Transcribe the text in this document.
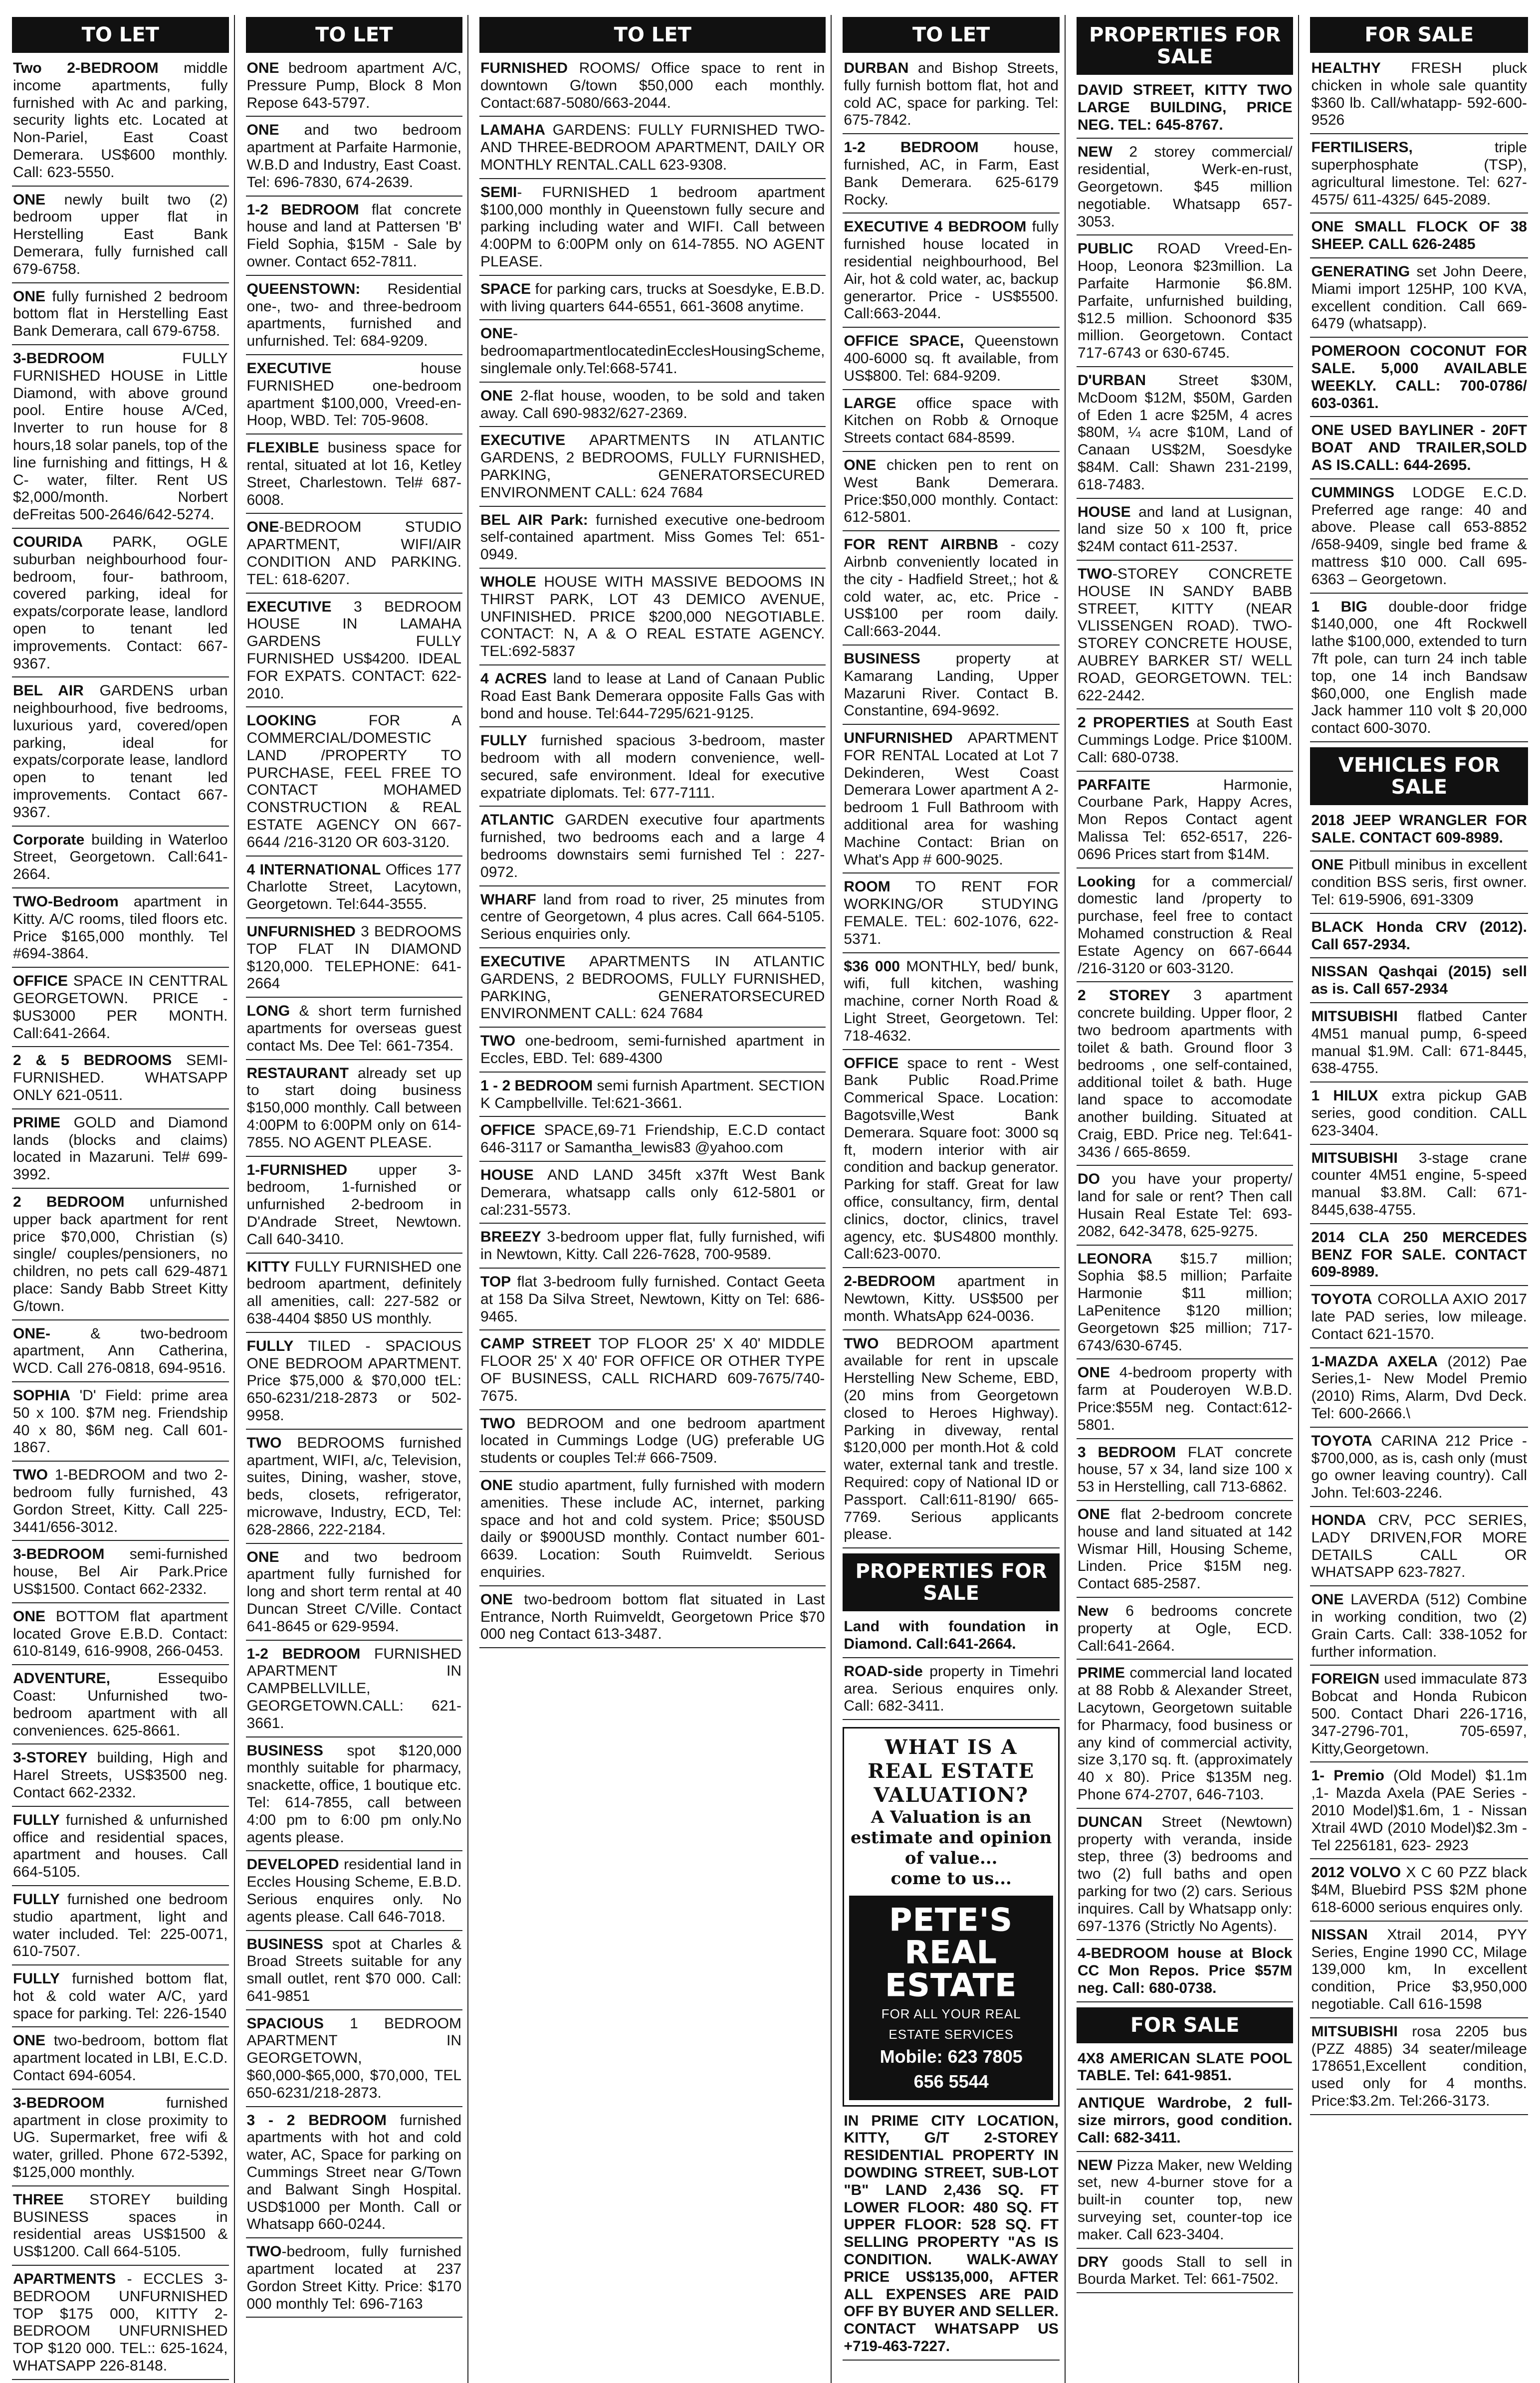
TO LET
Two 2-BEDROOM middle income apartments, fully furnished with Ac and parking, security lights etc. Located at Non-Pariel, East Coast Demerara. US$600 monthly. Call: 623-5550.
ONE newly built two (2) bedroom upper flat in Herstelling East Bank Demerara, fully furnished call 679-6758.
ONE fully furnished 2 bedroom bottom flat in Herstelling East Bank Demerara, call 679-6758.
3-BEDROOM FULLY FURNISHED HOUSE in Little Diamond, with above ground pool. Entire house A/Ced, Inverter to run house for 8 hours,18 solar panels, top of the line furnishing and fittings, H & C- water, filter. Rent US $2,000/month. Norbert deFreitas 500-2646/642-5274.
COURIDA PARK, OGLE suburban neighbourhood four-bedroom, four- bathroom, covered parking, ideal for expats/corporate lease, landlord open to tenant led improvements. Contact: 667-9367.
BEL AIR GARDENS urban neighbourhood, five bedrooms, luxurious yard, covered/open parking, ideal for expats/corporate lease, landlord open to tenant led improvements. Contact 667-9367.
Corporate building in Waterloo Street, Georgetown. Call:641-2664.
TWO-Bedroom apartment in Kitty. A/C rooms, tiled floors etc. Price $165,000 monthly. Tel #694-3864.
OFFICE SPACE IN CENTTRAL GEORGETOWN. PRICE - $US3000 PER MONTH. Call:641-2664.
2 & 5 BEDROOMS SEMI-FURNISHED. WHATSAPP ONLY 621-0511.
PRIME GOLD and Diamond lands (blocks and claims) located in Mazaruni. Tel# 699-3992.
2 BEDROOM unfurnished upper back apartment for rent price $70,000, Christian (s) single/ couples/pensioners, no children, no pets call 629-4871 place: Sandy Babb Street Kitty G/town.
ONE- & two-bedroom apartment, Ann Catherina, WCD. Call 276-0818, 694-9516.
SOPHIA 'D' Field: prime area 50 x 100. $7M neg. Friendship 40 x 80, $6M neg. Call 601-1867.
TWO 1-BEDROOM and two 2-bedroom fully furnished, 43 Gordon Street, Kitty. Call 225- 3441/656-3012.
3-BEDROOM semi-furnished house, Bel Air Park.Price US$1500. Contact 662-2332.
ONE BOTTOM flat apartment located Grove E.B.D. Contact: 610-8149, 616-9908, 266-0453.
ADVENTURE, Essequibo Coast: Unfurnished two-bedroom apartment with all conveniences. 625-8661.
3-STOREY building, High and Harel Streets, US$3500 neg. Contact 662-2332.
FULLY furnished & unfurnished office and residential spaces, apartment and houses. Call 664-5105.
FULLY furnished one bedroom studio apartment, light and water included. Tel: 225-0071, 610-7507.
FULLY furnished bottom flat, hot & cold water A/C, yard space for parking. Tel: 226-1540
ONE two-bedroom, bottom flat apartment located in LBI, E.C.D. Contact 694-6054.
3-BEDROOM furnished apartment in close proximity to UG. Supermarket, free wifi & water, grilled. Phone 672-5392, $125,000 monthly.
THREE STOREY building BUSINESS spaces in residential areas US$1500 & US$1200. Call 664-5105.
APARTMENTS - ECCLES 3-BEDROOM UNFURNISHED TOP $175 000, KITTY 2-BEDROOM UNFURNISHED TOP $120 000. TEL:: 625-1624, WHATSAPP 226-8148.
TO LET
ONE bedroom apartment A/C, Pressure Pump, Block 8 Mon Repose 643-5797.
ONE and two bedroom apartment at Parfaite Harmonie, W.B.D and Industry, East Coast. Tel: 696-7830, 674-2639.
1-2 BEDROOM flat concrete house and land at Pattersen 'B' Field Sophia, $15M - Sale by owner. Contact 652-7811.
QUEENSTOWN: Residential one-, two- and three-bedroom apartments, furnished and unfurnished. Tel: 684-9209.
EXECUTIVE house FURNISHED one-bedroom apartment $100,000, Vreed-en-Hoop, WBD. Tel: 705-9608.
FLEXIBLE business space for rental, situated at lot 16, Ketley Street, Charlestown. Tel# 687-6008.
ONE-BEDROOM STUDIO APARTMENT, WIFI/AIR CONDITION AND PARKING. TEL: 618-6207.
EXECUTIVE 3 BEDROOM HOUSE IN LAMAHA GARDENS FULLY FURNISHED US$4200. IDEAL FOR EXPATS. CONTACT: 622-2010.
LOOKING FOR A COMMERCIAL/DOMESTIC LAND /PROPERTY TO PURCHASE, FEEL FREE TO CONTACT MOHAMED CONSTRUCTION & REAL ESTATE AGENCY ON 667-6644 /216-3120 OR 603-3120.
4 INTERNATIONAL Offices 177 Charlotte Street, Lacytown, Georgetown. Tel:644-3555.
UNFURNISHED 3 BEDROOMS TOP FLAT IN DIAMOND $120,000. TELEPHONE: 641-2664
LONG & short term furnished apartments for overseas guest contact Ms. Dee Tel: 661-7354.
RESTAURANT already set up to start doing business $150,000 monthly. Call between 4:00PM to 6:00PM only on 614-7855. NO AGENT PLEASE.
1-FURNISHED upper 3-bedroom, 1-furnished or unfurnished 2-bedroom in D'Andrade Street, Newtown. Call 640-3410.
KITTY FULLY FURNISHED one bedroom apartment, definitely all amenities, call: 227-582 or 638-4404 $850 US monthly.
FULLY TILED - SPACIOUS ONE BEDROOM APARTMENT. Price $75,000 & $70,000 tEL: 650-6231/218-2873 or 502-9958.
TWO BEDROOMS furnished apartment, WIFI, a/c, Television, suites, Dining, washer, stove, beds, closets, refrigerator, microwave, Industry, ECD, Tel: 628-2866, 222-2184.
ONE and two bedroom apartment fully furnished for long and short term rental at 40 Duncan Street C/Ville. Contact 641-8645 or 629-9594.
1-2 BEDROOM FURNISHED APARTMENT IN CAMPBELLVILLE, GEORGETOWN.CALL: 621-3661.
BUSINESS spot $120,000 monthly suitable for pharmacy, snackette, office, 1 boutique etc. Tel: 614-7855, call between 4:00 pm to 6:00 pm only.No agents please.
DEVELOPED residential land in Eccles Housing Scheme, E.B.D. Serious enquires only. No agents please. Call 646-7018.
BUSINESS spot at Charles & Broad Streets suitable for any small outlet, rent $70 000. Call: 641-9851
SPACIOUS 1 BEDROOM APARTMENT IN GEORGETOWN, $60,000-$65,000, $70,000, TEL 650-6231/218-2873.
3 - 2 BEDROOM furnished apartments with hot and cold water, AC, Space for parking on Cummings Street near G/Town and Balwant Singh Hospital. USD$1000 per Month. Call or Whatsapp 660-0244.
TWO-bedroom, fully furnished apartment located at 237 Gordon Street Kitty. Price: $170 000 monthly Tel: 696-7163
TO LET
FURNISHED ROOMS/ Office space to rent in downtown G/town $50,000 each monthly. Contact:687-5080/663-2044.
LAMAHA GARDENS: FULLY FURNISHED TWO- AND THREE-BEDROOM APARTMENT, DAILY OR MONTHLY RENTAL.CALL 623-9308.
SEMI- FURNISHED 1 bedroom apartment $100,000 monthly in Queenstown fully secure and parking including water and WIFI. Call between 4:00PM to 6:00PM only on 614-7855. NO AGENT PLEASE.
SPACE for parking cars, trucks at Soesdyke, E.B.D. with living quarters 644-6551, 661-3608 anytime.
ONE-bedroomapartmentlocatedinEcclesHousingScheme, singlemale only.Tel:668-5741.
ONE 2-flat house, wooden, to be sold and taken away. Call 690-9832/627-2369.
EXECUTIVE APARTMENTS IN ATLANTIC GARDENS, 2 BEDROOMS, FULLY FURNISHED, PARKING, GENERATORSECURED ENVIRONMENT CALL: 624 7684
BEL AIR Park: furnished executive one-bedroom self-contained apartment. Miss Gomes Tel: 651-0949.
WHOLE HOUSE WITH MASSIVE BEDOOMS IN THIRST PARK, LOT 43 DEMICO AVENUE, UNFINISHED. PRICE $200,000 NEGOTIABLE. CONTACT: N, A & O REAL ESTATE AGENCY. TEL:692-5837
4 ACRES land to lease at Land of Canaan Public Road East Bank Demerara opposite Falls Gas with bond and house. Tel:644-7295/621-9125.
FULLY furnished spacious 3-bedroom, master bedroom with all modern convenience, well-secured, safe environment. Ideal for executive expatriate diplomats. Tel: 677-7111.
ATLANTIC GARDEN executive four apartments furnished, two bedrooms each and a large 4 bedrooms downstairs semi furnished Tel : 227-0972.
WHARF land from road to river, 25 minutes from centre of Georgetown, 4 plus acres. Call 664-5105. Serious enquiries only.
EXECUTIVE APARTMENTS IN ATLANTIC GARDENS, 2 BEDROOMS, FULLY FURNISHED, PARKING, GENERATORSECURED ENVIRONMENT CALL: 624 7684
TWO one-bedroom, semi-furnished apartment in Eccles, EBD. Tel: 689-4300
1 - 2 BEDROOM semi furnish Apartment. SECTION K Campbellville. Tel:621-3661.
OFFICE SPACE,69-71 Friendship, E.C.D contact 646-3117 or Samantha_lewis83 @yahoo.com
HOUSE AND LAND 345ft x37ft West Bank Demerara, whatsapp calls only 612-5801 or cal:231-5573.
BREEZY 3-bedroom upper flat, fully furnished, wifi in Newtown, Kitty. Call 226-7628, 700-9589.
TOP flat 3-bedroom fully furnished. Contact Geeta at 158 Da Silva Street, Newtown, Kitty on Tel: 686-9465.
CAMP STREET TOP FLOOR 25' X 40' MIDDLE FLOOR 25' X 40' FOR OFFICE OR OTHER TYPE OF BUSINESS, CALL RICHARD 609-7675/740-7675.
TWO BEDROOM and one bedroom apartment located in Cummings Lodge (UG) preferable UG students or couples Tel:# 666-7509.
ONE studio apartment, fully furnished with modern amenities. These include AC, internet, parking space and hot and cold system. Price; $50USD daily or $900USD monthly. Contact number 601-6639. Location: South Ruimveldt. Serious enquiries.
ONE two-bedroom bottom flat situated in Last Entrance, North Ruimveldt, Georgetown Price $70 000 neg Contact 613-3487.
TO LET
DURBAN and Bishop Streets, fully furnish bottom flat, hot and cold AC, space for parking. Tel: 675-7842.
1-2 BEDROOM house, furnished, AC, in Farm, East Bank Demerara. 625-6179 Rocky.
EXECUTIVE 4 BEDROOM fully furnished house located in residential neighbourhood, Bel Air, hot & cold water, ac, backup generartor. Price - US$5500. Call:663-2044.
OFFICE SPACE, Queenstown 400-6000 sq. ft available, from US$800. Tel: 684-9209.
LARGE office space with Kitchen on Robb & Ornoque Streets contact 684-8599.
ONE chicken pen to rent on West Bank Demerara. Price:$50,000 monthly. Contact: 612-5801.
FOR RENT AIRBNB - cozy Airbnb conveniently located in the city - Hadfield Street,; hot & cold water, ac, etc. Price - US$100 per room daily. Call:663-2044.
BUSINESS property at Kamarang Landing, Upper Mazaruni River. Contact B. Constantine, 694-9692.
UNFURNISHED APARTMENT FOR RENTAL Located at Lot 7 Dekinderen, West Coast Demerara Lower apartment A 2-bedroom 1 Full Bathroom with additional area for washing Machine Contact: Brian on What's App # 600-9025.
ROOM TO RENT FOR WORKING/OR STUDYING FEMALE. TEL: 602-1076, 622-5371.
$36 000 MONTHLY, bed/ bunk, wifi, full kitchen, washing machine, corner North Road & Light Street, Georgetown. Tel: 718-4632.
OFFICE space to rent - West Bank Public Road.Prime Commerical Space. Location: Bagotsville,West Bank Demerara. Square foot: 3000 sq ft, modern interior with air condition and backup generator. Parking for staff. Great for law office, consultancy, firm, dental clinics, doctor, clinics, travel agency, etc. $US4800 monthly. Call:623-0070.
2-BEDROOM apartment in Newtown, Kitty. US$500 per month. WhatsApp 624-0036.
TWO BEDROOM apartment available for rent in upscale Herstelling New Scheme, EBD, (20 mins from Georgetown closed to Heroes Highway). Parking in diveway, rental $120,000 per month.Hot & cold water, external tank and trestle. Required: copy of National ID or Passport. Call:611-8190/ 665-7769. Serious applicants please.
PROPERTIES FOR SALE
Land with foundation in Diamond. Call:641-2664.
ROAD-side property in Timehri area. Serious enquires only. Call: 682-3411.
WHAT IS A
REAL ESTATE
VALUATION?
A Valuation is an
estimate and opinion
of value...
come to us...
PETE'S
REAL ESTATE
FOR ALL YOUR REAL
ESTATE SERVICES
Mobile: 623 7805
656 5544
IN PRIME CITY LOCATION, KITTY, G/T 2-STOREY RESIDENTIAL PROPERTY IN DOWDING STREET, SUB-LOT "B" LAND 2,436 SQ. FT LOWER FLOOR: 480 SQ. FT UPPER FLOOR: 528 SQ. FT SELLING PROPERTY "AS IS CONDITION. WALK-AWAY PRICE US$135,000, AFTER ALL EXPENSES ARE PAID OFF BY BUYER AND SELLER. CONTACT WHATSAPP US +719-463-7227.
PROPERTIES FOR SALE
DAVID STREET, KITTY TWO LARGE BUILDING, PRICE NEG. TEL: 645-8767.
NEW 2 storey commercial/ residential, Werk-en-rust, Georgetown. $45 million negotiable. Whatsapp 657-3053.
PUBLIC ROAD Vreed-En-Hoop, Leonora $23million. La Parfaite Harmonie $6.8M. Parfaite, unfurnished building, $12.5 million. Schoonord $35 million. Georgetown. Contact 717-6743 or 630-6745.
D'URBAN Street $30M, McDoom $12M, $50M, Garden of Eden 1 acre $25M, 4 acres $80M, ¼ acre $10M, Land of Canaan US$2M, Soesdyke $84M. Call: Shawn 231-2199, 618-7483.
HOUSE and land at Lusignan, land size 50 x 100 ft, price $24M contact 611-2537.
TWO-STOREY CONCRETE HOUSE IN SANDY BABB STREET, KITTY (NEAR VLISSENGEN ROAD). TWO-STOREY CONCRETE HOUSE, AUBREY BARKER ST/ WELL ROAD, GEORGETOWN. TEL: 622-2442.
2 PROPERTIES at South East Cummings Lodge. Price $100M. Call: 680-0738.
PARFAITE Harmonie, Courbane Park, Happy Acres, Mon Repos Contact agent Malissa Tel: 652-6517, 226-0696 Prices start from $14M.
Looking for a commercial/ domestic land /property to purchase, feel free to contact Mohamed construction & Real Estate Agency on 667-6644 /216-3120 or 603-3120.
2 STOREY 3 apartment concrete building. Upper floor, 2 two bedroom apartments with toilet & bath. Ground floor 3 bedrooms , one self-contained, additional toilet & bath. Huge land space to accomodate another building. Situated at Craig, EBD. Price neg. Tel:641-3436 / 665-8659.
DO you have your property/ land for sale or rent? Then call Husain Real Estate Tel: 693-2082, 642-3478, 625-9275.
LEONORA $15.7 million; Sophia $8.5 million; Parfaite Harmonie $11 million; LaPenitence $120 million; Georgetown $25 million; 717-6743/630-6745.
ONE 4-bedroom property with farm at Pouderoyen W.B.D. Price:$55M neg. Contact:612-5801.
3 BEDROOM FLAT concrete house, 57 x 34, land size 100 x 53 in Herstelling, call 713-6862.
ONE flat 2-bedroom concrete house and land situated at 142 Wismar Hill, Housing Scheme, Linden. Price $15M neg. Contact 685-2587.
New 6 bedrooms concrete property at Ogle, ECD. Call:641-2664.
PRIME commercial land located at 88 Robb & Alexander Street, Lacytown, Georgetown suitable for Pharmacy, food business or any kind of commercial activity, size 3,170 sq. ft. (approximately 40 x 80). Price $135M neg. Phone 674-2707, 646-7103.
DUNCAN Street (Newtown) property with veranda, inside step, three (3) bedrooms and two (2) full baths and open parking for two (2) cars. Serious inquires. Call by Whatsapp only: 697-1376 (Strictly No Agents).
4-BEDROOM house at Block CC Mon Repos. Price $57M neg. Call: 680-0738.
FOR SALE
4X8 AMERICAN SLATE POOL TABLE. Tel: 641-9851.
ANTIQUE Wardrobe, 2 full-size mirrors, good condition. Call: 682-3411.
NEW Pizza Maker, new Welding set, new 4-burner stove for a built-in counter top, new surveying set, counter-top ice maker. Call 623-3404.
DRY goods Stall to sell in Bourda Market. Tel: 661-7502.
FOR SALE
HEALTHY FRESH pluck chicken in whole sale quantity $360 lb. Call/whatapp- 592-600-9526
FERTILISERS, triple superphosphate (TSP), agricultural limestone. Tel: 627-4575/ 611-4325/ 645-2089.
ONE SMALL FLOCK OF 38 SHEEP. CALL 626-2485
GENERATING set John Deere, Miami import 125HP, 100 KVA, excellent condition. Call 669-6479 (whatsapp).
POMEROON COCONUT FOR SALE. 5,000 AVAILABLE WEEKLY. CALL: 700-0786/ 603-0361.
ONE USED BAYLINER - 20FT BOAT AND TRAILER,SOLD AS IS.CALL: 644-2695.
CUMMINGS LODGE E.C.D. Preferred age range: 40 and above. Please call 653-8852 /658-9409, single bed frame & mattress $10 000. Call 695-6363 – Georgetown.
1 BIG double-door fridge $140,000, one 4ft Rockwell lathe $100,000, extended to turn 7ft pole, can turn 24 inch table top, one 14 inch Bandsaw $60,000, one English made Jack hammer 110 volt $ 20,000 contact 600-3070.
VEHICLES FOR SALE
2018 JEEP WRANGLER FOR SALE. CONTACT 609-8989.
ONE Pitbull minibus in excellent condition BSS seris, first owner. Tel: 619-5906, 691-3309
BLACK Honda CRV (2012). Call 657-2934.
NISSAN Qashqai (2015) sell as is. Call 657-2934
MITSUBISHI flatbed Canter 4M51 manual pump, 6-speed manual $1.9M. Call: 671-8445, 638-4755.
1 HILUX extra pickup GAB series, good condition. CALL 623-3404.
MITSUBISHI 3-stage crane counter 4M51 engine, 5-speed manual $3.8M. Call: 671-8445,638-4755.
2014 CLA 250 MERCEDES BENZ FOR SALE. CONTACT 609-8989.
TOYOTA COROLLA AXIO 2017 late PAD series, low mileage. Contact 621-1570.
1-MAZDA AXELA (2012) Pae Series,1- New Model Premio (2010) Rims, Alarm, Dvd Deck. Tel: 600-2666.\
TOYOTA CARINA 212 Price - $700,000, as is, cash only (must go owner leaving country). Call John. Tel:603-2246.
HONDA CRV, PCC SERIES, LADY DRIVEN,FOR MORE DETAILS CALL OR WHATSAPP 623-7827.
ONE LAVERDA (512) Combine in working condition, two (2) Grain Carts. Call: 338-1052 for further information.
FOREIGN used immaculate 873 Bobcat and Honda Rubicon 500. Contact Dhari 226-1716, 347-2796-701, 705-6597, Kitty,Georgetown.
1- Premio (Old Model) $1.1m ,1- Mazda Axela (PAE Series - 2010 Model)$1.6m, 1 - Nissan Xtrail 4WD (2010 Model)$2.3m - Tel 2256181, 623- 2923
2012 VOLVO X C 60 PZZ black $4M, Bluebird PSS $2M phone 618-6000 serious enquires only.
NISSAN Xtrail 2014, PYY Series, Engine 1990 CC, Milage 139,000 km, In excellent condition, Price $3,950,000 negotiable. Call 616-1598
MITSUBISHI rosa 2205 bus (PZZ 4885) 34 seater/mileage 178651,Excellent condition, used only for 4 months. Price:$3.2m. Tel:266-3173.
